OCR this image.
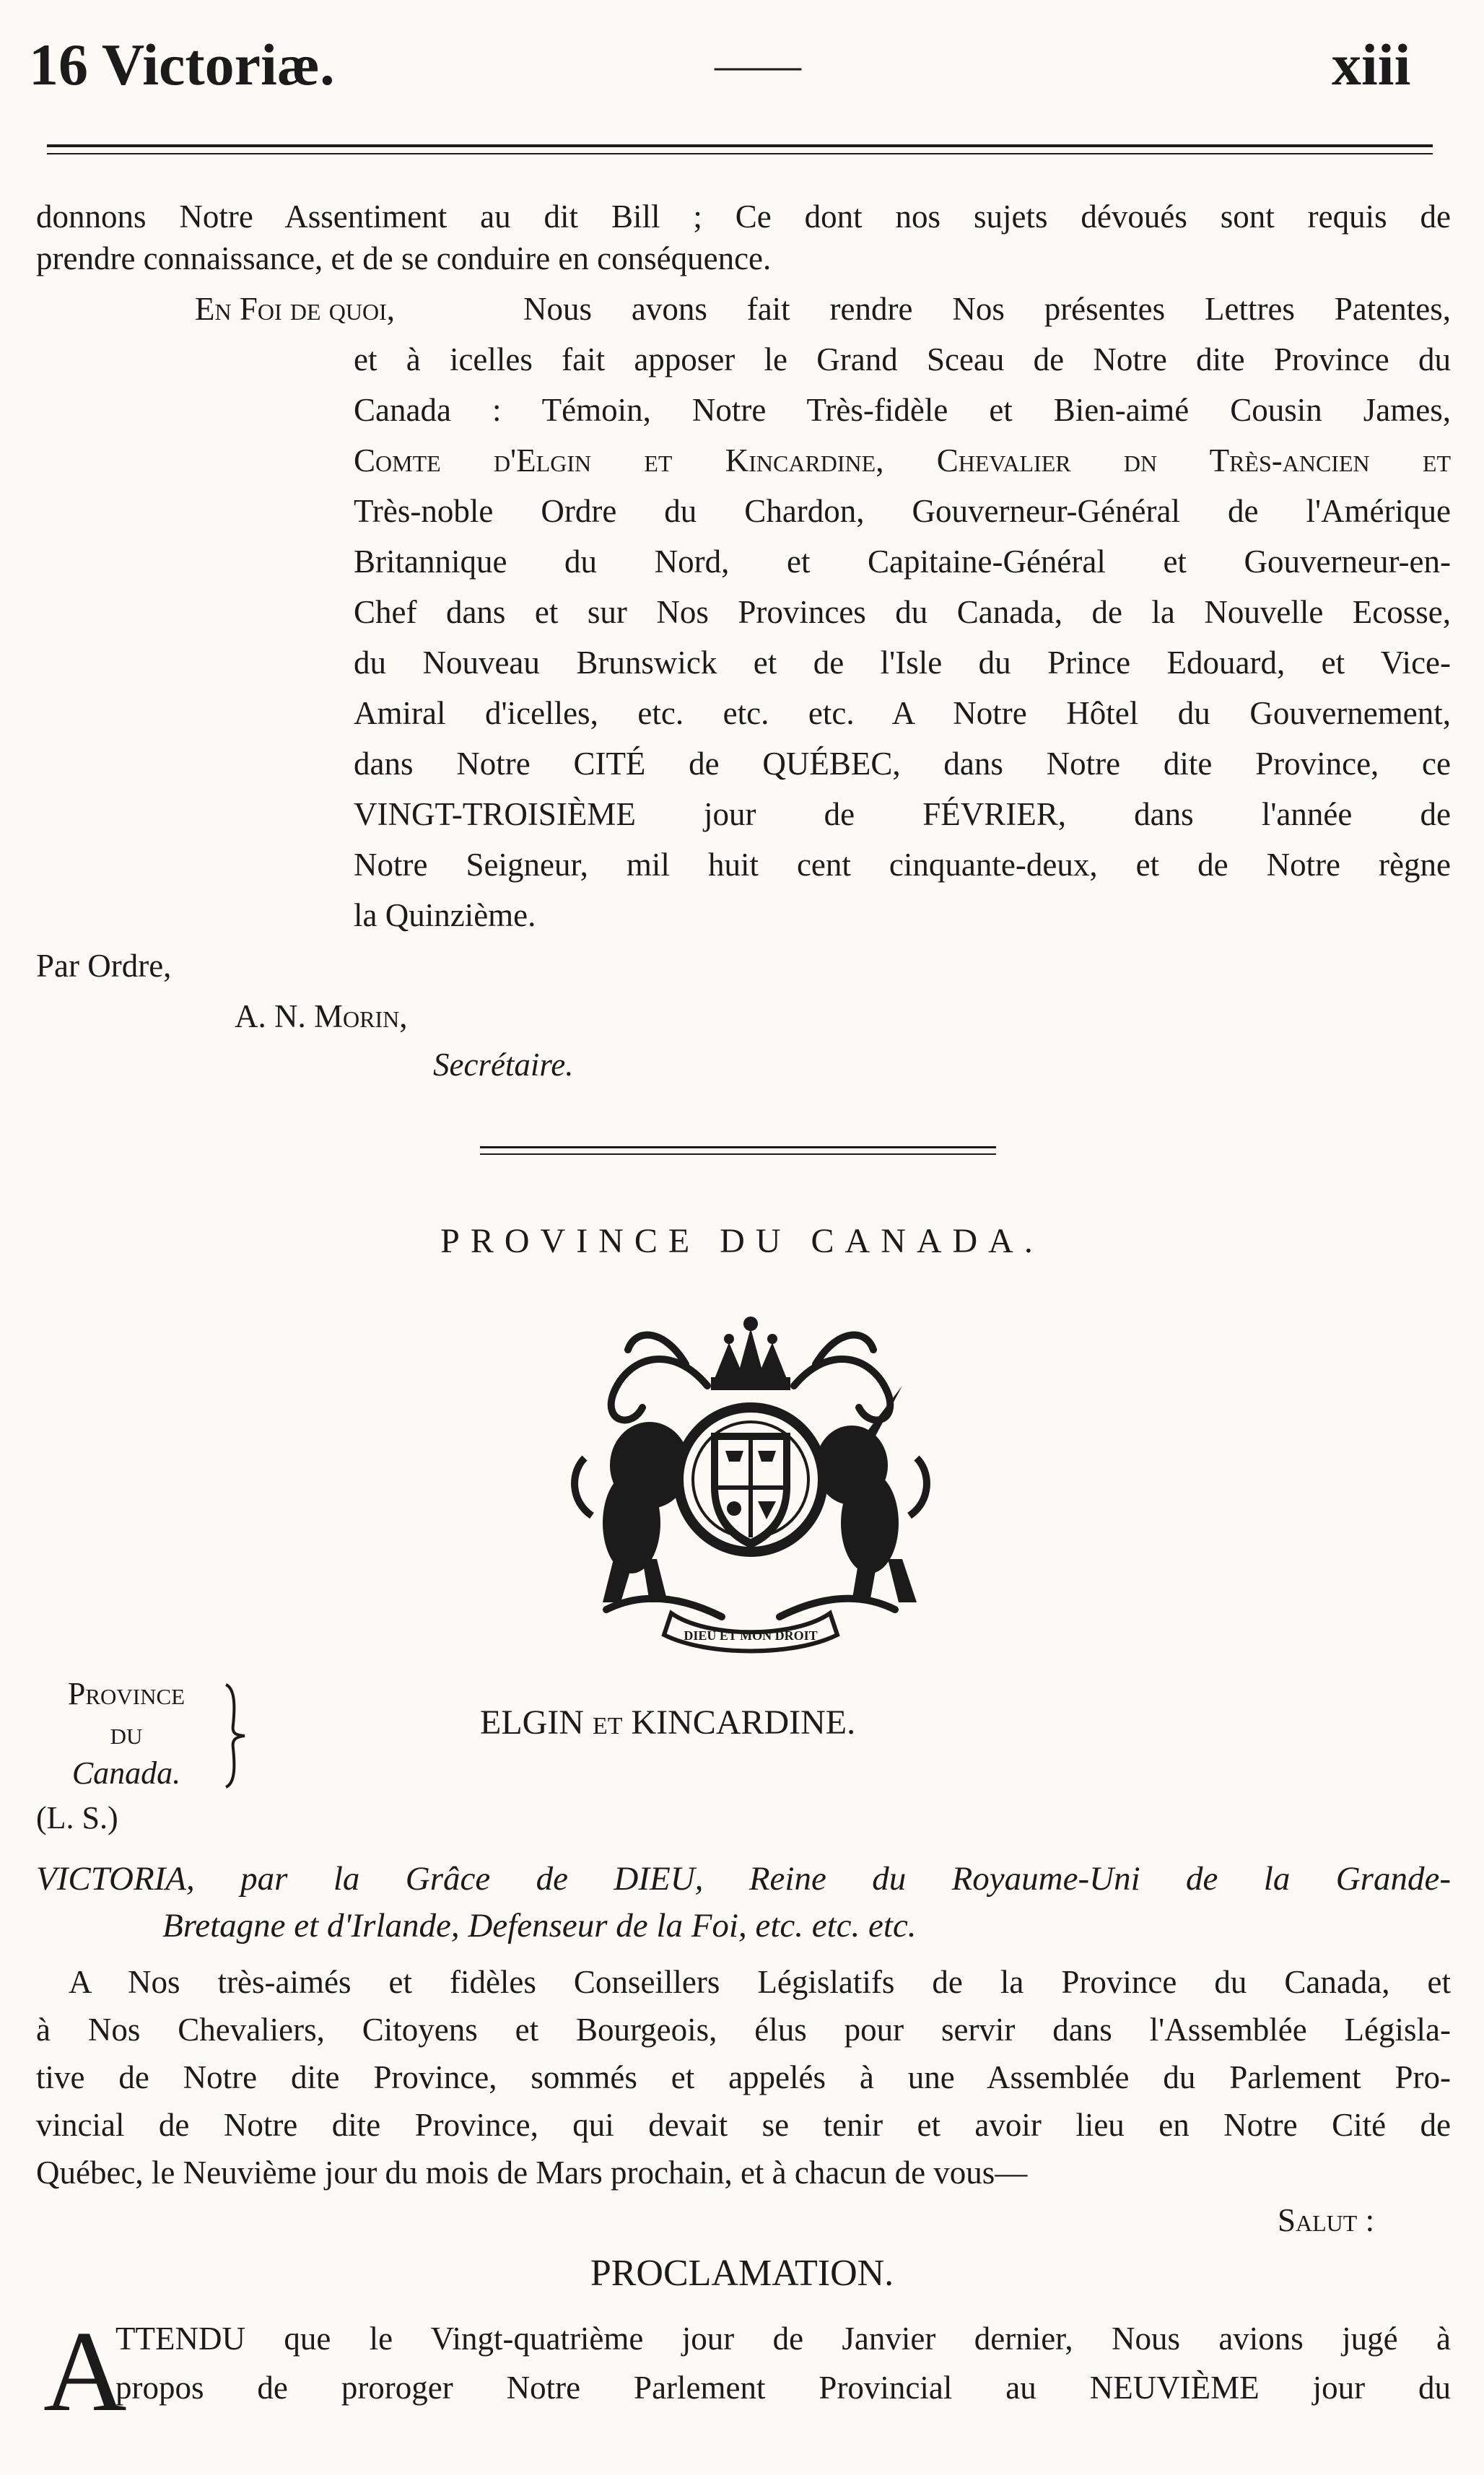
16 Victoriæ.	——	xiii
donnons Notre Assentiment au dit Bill ; Ce dont nos sujets dévoués sont requis de
prendre connaissance, et de se conduire en conséquence.
En Foi de quoi,	Nous avons fait rendre Nos présentes Lettres Patentes,
et à icelles fait apposer le Grand Sceau de Notre dite Province du
Canada : Témoin, Notre Très-fidèle et Bien-aimé Cousin James,
Comte d'Elgin et Kincardine, Chevalier dn Très-ancien et
Très-noble Ordre du Chardon, Gouverneur-Général de l'Amérique
Britannique du Nord, et Capitaine-Général et Gouverneur-en-
Chef dans et sur Nos Provinces du Canada, de la Nouvelle Ecosse,
du Nouveau Brunswick et de l'Isle du Prince Edouard, et Vice-
Amiral d'icelles, etc. etc. etc. A Notre Hôtel du Gouvernement,
dans Notre CITÉ de QUÉBEC, dans Notre dite Province, ce
VINGT-TROISIÈME jour de FÉVRIER, dans l'année de
Notre Seigneur, mil huit cent cinquante-deux, et de Notre règne
la Quinzième.
Par Ordre,
A. N. Morin,
Secrétaire.
PROVINCE DU CANADA.
DIEU ET MON DROIT
Province
du
Canada.
(L. S.)
ELGIN et KINCARDINE.
VICTORIA, par la Grâce de DIEU, Reine du Royaume-Uni de la Grande-
Bretagne et d'Irlande, Defenseur de la Foi, etc. etc. etc.
A Nos très-aimés et fidèles Conseillers Législatifs de la Province du Canada, et
à Nos Chevaliers, Citoyens et Bourgeois, élus pour servir dans l'Assemblée Législa-
tive de Notre dite Province, sommés et appelés à une Assemblée du Parlement Pro-
vincial de Notre dite Province, qui devait se tenir et avoir lieu en Notre Cité de
Québec, le Neuvième jour du mois de Mars prochain, et à chacun de vous—
Salut :
PROCLAMATION.
A
TTENDU que le Vingt-quatrième jour de Janvier dernier, Nous avions jugé à
propos de proroger Notre Parlement Provincial au NEUVIÈME jour du
